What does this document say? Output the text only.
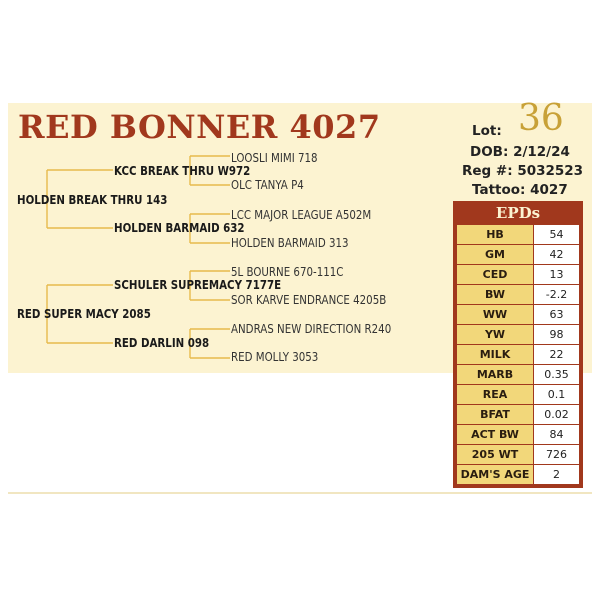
RED BONNER 4027
LOOSLI MIMI 718
KCC BREAK THRU W972
OLC TANYA P4
HOLDEN BREAK THRU 143
LCC MAJOR LEAGUE A502M
HOLDEN BARMAID 632
HOLDEN BARMAID 313
5L BOURNE 670-111C
SCHULER SUPREMACY 7177E
SOR KARVE ENDRANCE 4205B
RED SUPER MACY 2085
ANDRAS NEW DIRECTION R240
RED DARLIN 098
RED MOLLY 3053
Lot: 36
DOB: 2/12/24
Reg #: 5032523
Tattoo: 4027
EPDs
HB	54
GM	42
CED	13
BW	-2.2
WW	63
YW	98
MILK	22
MARB	0.35
REA	0.1
BFAT	0.02
ACT BW	84
205 WT	726
DAM'S AGE	2
